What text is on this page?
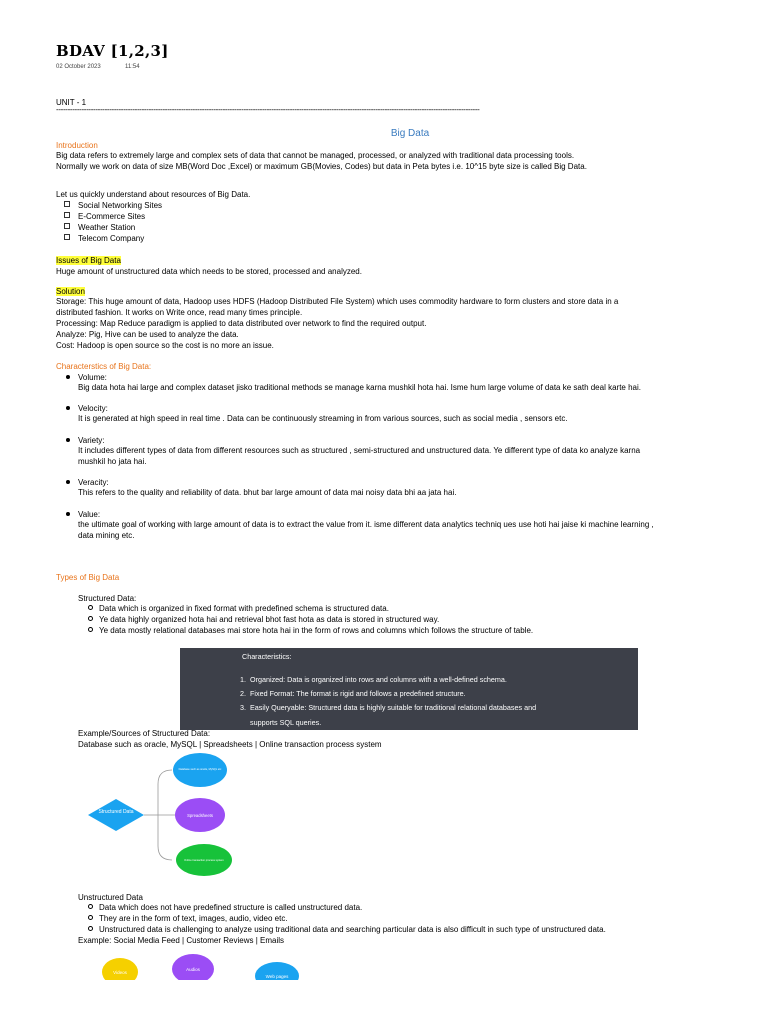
BDAV [1,2,3]
02 October 2023	11:54
UNIT - 1
---------------------------------------------------------------------------------------------------------------------------------------------------------------------------------------
Big Data
Introduction
Big data refers to extremely large and complex sets of data that cannot be managed, processed, or analyzed with traditional data processing tools.
Normally we work on data of size MB(Word Doc ,Excel) or maximum GB(Movies, Codes) but data in Peta bytes i.e. 10^15 byte size is called Big Data.
Let us quickly understand about resources of Big Data.
Social Networking Sites
E-Commerce Sites
Weather Station
Telecom Company
Issues of Big Data
Huge amount of unstructured data which needs to be stored, processed and analyzed.
Solution
Storage: This huge amount of data, Hadoop uses HDFS (Hadoop Distributed File System) which uses commodity hardware to form clusters and store data in a
distributed fashion. It works on Write once, read many times principle.
Processing: Map Reduce paradigm is applied to data distributed over network to find the required output.
Analyze: Pig, Hive can be used to analyze the data.
Cost: Hadoop is open source so the cost is no more an issue.
Characterstics of Big Data:
Volume:
Big data hota hai large and complex dataset jisko traditional methods se manage karna mushkil hota hai. Isme hum large volume of data ke sath deal karte hai.
Velocity:
It is generated at high speed in real time . Data can be continuously streaming in from various sources, such as social media , sensors etc.
Variety:
It includes different types of data from different resources such as structured , semi-structured and unstructured data. Ye different type of data ko analyze karna
mushkil ho jata hai.
Veracity:
This refers to the quality and reliability of data. bhut bar large amount of data mai noisy data bhi aa jata hai.
Value:
the ultimate goal of working with large amount of data is to extract the value from it. isme different data analytics techniq ues use hoti hai jaise ki machine learning ,
data mining etc.
Types of Big Data
Structured Data:
Data which is organized in fixed format with predefined schema is structured data.
Ye data highly organized hota hai and retrieval bhot fast hota as data is stored in structured way.
Ye data mostly relational databases mai store hota hai in the form of rows and columns which follows the structure of table.
Characteristics:
1. Organized: Data is organized into rows and columns with a well-defined schema.
2. Fixed Format: The format is rigid and follows a predefined structure.
3. Easily Queryable: Structured data is highly suitable for traditional relational databases and
supports SQL queries.
Example/Sources of Structured Data:
Database such as oracle, MySQL | Spreadsheets | Online transaction process system
Structured Data
Database such as oracle, MySQL etc
Spreadsheets
Online transaction process system
Unstructured Data
Data which does not have predefined structure is called unstructured data.
They are in the form of text, images, audio, video etc.
Unstructured data is challenging to analyze using traditional data and searching particular data is also difficult in such type of unstructured data.
Example: Social Media Feed | Customer Reviews | Emails
Videos
Audios
Web pages
